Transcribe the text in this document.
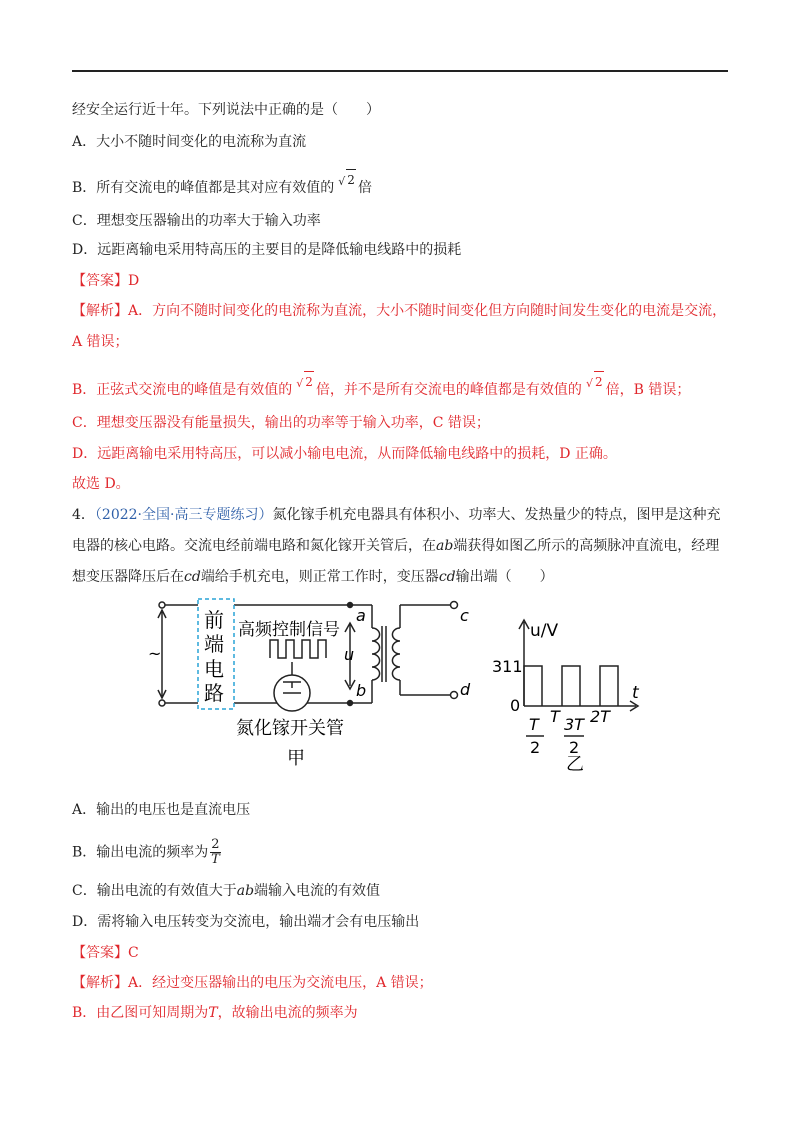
经安全运行近十年。下列说法中正确的是（　　）
A．大小不随时间变化的电流称为直流
B．所有交流电的峰值都是其对应有效值的 √ 2 倍
C．理想变压器输出的功率大于输入功率
D．远距离输电采用特高压的主要目的是降低输电线路中的损耗
【答案】D
【解析】A．方向不随时间变化的电流称为直流，大小不随时间变化但方向随时间发生变化的电流是交流，
A 错误；
B．正弦式交流电的峰值是有效值的 √ 2 倍，并不是所有交流电的峰值都是有效值的 √ 2 倍，B 错误；
C．理想变压器没有能量损失，输出的功率等于输入功率，C 错误；
D．远距离输电采用特高压，可以减小输电电流，从而降低输电线路中的损耗，D 正确。
故选 D。
4．（2022·全国·高三专题练习）氮化镓手机充电器具有体积小、功率大、发热量少的特点，图甲是这种充
电器的核心电路。交流电经前端电路和氮化镓开关管后，在ab端获得如图乙所示的高频脉冲直流电，经理
想变压器降压后在cd端给手机充电，则正常工作时，变压器cd输出端（　　）
~
前
端
电
路
高频控制信号
a
u
b
c
d
氮化镓开关管
甲
u/V
311
0
t
T
2
T 3T
2
2T
乙
A．输出的电压也是直流电压
B．输出电流的频率为 $\frac{2}{T}$
C．输出电流的有效值大于ab端输入电流的有效值
D．需将输入电压转变为交流电，输出端才会有电压输出
【答案】C
【解析】A．经过变压器输出的电压为交流电压，A 错误；
B．由乙图可知周期为T，故输出电流的频率为
